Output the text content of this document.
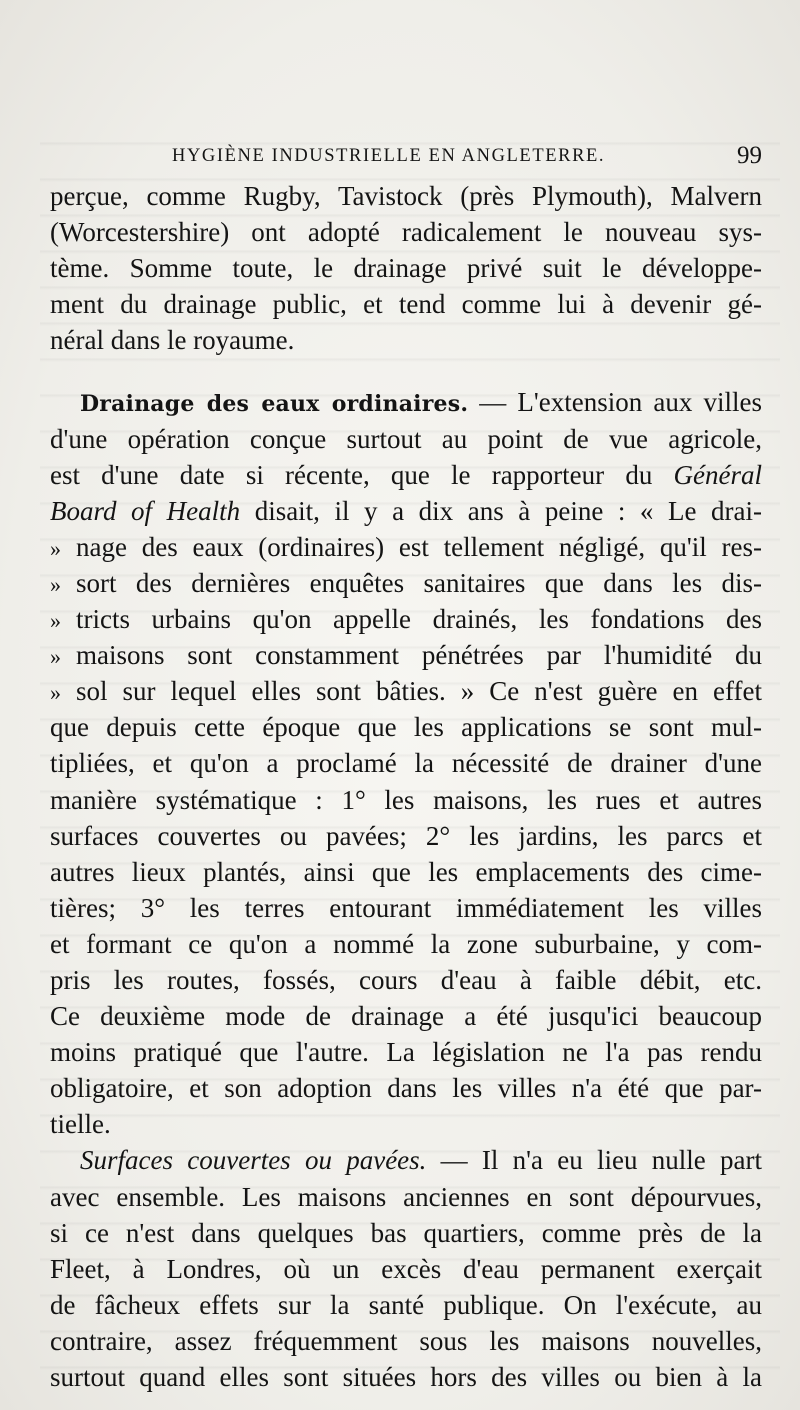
HYGIÈNE INDUSTRIELLE EN ANGLETERRE.	99
perçue, comme Rugby, Tavistock (près Plymouth), Malvern
(Worcestershire) ont adopté radicalement le nouveau sys-
tème. Somme toute, le drainage privé suit le développe-
ment du drainage public, et tend comme lui à devenir gé-
néral dans le royaume.
Drainage des eaux ordinaires. — L'extension aux villes
d'une opération conçue surtout au point de vue agricole,
est d'une date si récente, que le rapporteur du Général
Board of Health disait, il y a dix ans à peine : « Le drai-
» nage des eaux (ordinaires) est tellement négligé, qu'il res-
» sort des dernières enquêtes sanitaires que dans les dis-
» tricts urbains qu'on appelle drainés, les fondations des
» maisons sont constamment pénétrées par l'humidité du
» sol sur lequel elles sont bâties. » Ce n'est guère en effet
que depuis cette époque que les applications se sont mul-
tipliées, et qu'on a proclamé la nécessité de drainer d'une
manière systématique : 1° les maisons, les rues et autres
surfaces couvertes ou pavées; 2° les jardins, les parcs et
autres lieux plantés, ainsi que les emplacements des cime-
tières; 3° les terres entourant immédiatement les villes
et formant ce qu'on a nommé la zone suburbaine, y com-
pris les routes, fossés, cours d'eau à faible débit, etc.
Ce deuxième mode de drainage a été jusqu'ici beaucoup
moins pratiqué que l'autre. La législation ne l'a pas rendu
obligatoire, et son adoption dans les villes n'a été que par-
tielle.
Surfaces couvertes ou pavées. — Il n'a eu lieu nulle part
avec ensemble. Les maisons anciennes en sont dépourvues,
si ce n'est dans quelques bas quartiers, comme près de la
Fleet, à Londres, où un excès d'eau permanent exerçait
de fâcheux effets sur la santé publique. On l'exécute, au
contraire, assez fréquemment sous les maisons nouvelles,
surtout quand elles sont situées hors des villes ou bien à la
